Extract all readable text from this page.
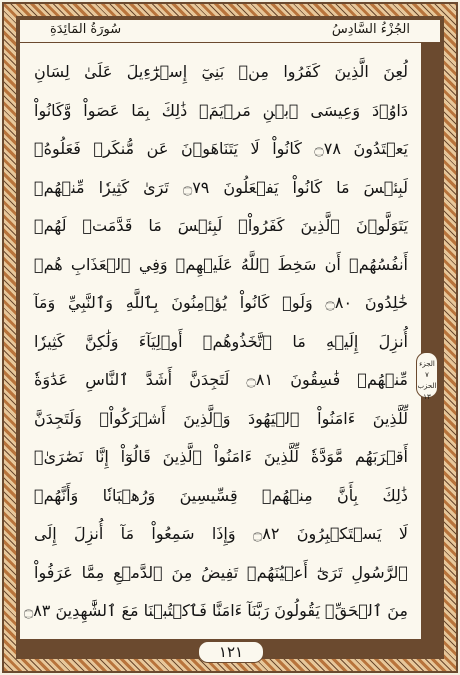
الجُزْءُ السَّادِسُ
سُورَةُ المَائِدَةِ
لُعِنَ الَّذِينَ كَفَرُوا مِنۢ بَنِيٓ إِسۡرَٰٓءِيلَ عَلَىٰ لِسَانِ
دَاوُۥدَ وَعِيسَى ٱبۡنِ مَرۡيَمَۚ ذَٰلِكَ بِمَا عَصَواْ وَّكَانُواْ
يَعۡتَدُونَ ۝٧٨ كَانُواْ لَا يَتَنَاهَوۡنَ عَن مُّنكَرٖ فَعَلُوهُۚ
لَبِئۡسَ مَا كَانُواْ يَفۡعَلُونَ ۝٧٩ تَرَىٰ كَثِيرٗا مِّنۡهُمۡ
يَتَوَلَّوۡنَ ٱلَّذِينَ كَفَرُواْۚ لَبِئۡسَ مَا قَدَّمَتۡ لَهُمۡ
أَنفُسُهُمۡ أَن سَخِطَ ٱللَّهُ عَلَيۡهِمۡ وَفِي ٱلۡعَذَابِ هُمۡ
خَٰلِدُونَ ۝٨٠ وَلَوۡ كَانُواْ يُؤۡمِنُونَ بِٱللَّهِ وَٱلنَّبِيِّ وَمَآ
أُنزِلَ إِلَيۡهِ مَا ٱتَّخَذُوهُمۡ أَوۡلِيَآءَ وَلَٰكِنَّ كَثِيرٗا
مِّنۡهُمۡ فَٰسِقُونَ ۝٨١ لَتَجِدَنَّ أَشَدَّ ٱلنَّاسِ عَدَٰوَةٗ
لِّلَّذِينَ ءَامَنُواْ ٱلۡيَهُودَ وَٱلَّذِينَ أَشۡرَكُواْۖ وَلَتَجِدَنَّ
أَقۡرَبَهُم مَّوَدَّةٗ لِّلَّذِينَ ءَامَنُواْ ٱلَّذِينَ قَالُوٓاْ إِنَّا نَصَٰرَىٰۚ
ذَٰلِكَ بِأَنَّ مِنۡهُمۡ قِسِّيسِينَ وَرُهۡبَانٗا وَأَنَّهُمۡ
لَا يَسۡتَكۡبِرُونَ ۝٨٢ وَإِذَا سَمِعُواْ مَآ أُنزِلَ إِلَى
ٱلرَّسُولِ تَرَىٰٓ أَعۡيُنَهُمۡ تَفِيضُ مِنَ ٱلدَّمۡعِ مِمَّا عَرَفُواْ
مِنَ ٱلۡحَقِّۖ يَقُولُونَ رَبَّنَآ ءَامَنَّا فَٱكۡتُبۡنَا مَعَ ٱلشَّٰهِدِينَ ۝٨٣
الجزء ٧
الحزب ١٣
١٢١
